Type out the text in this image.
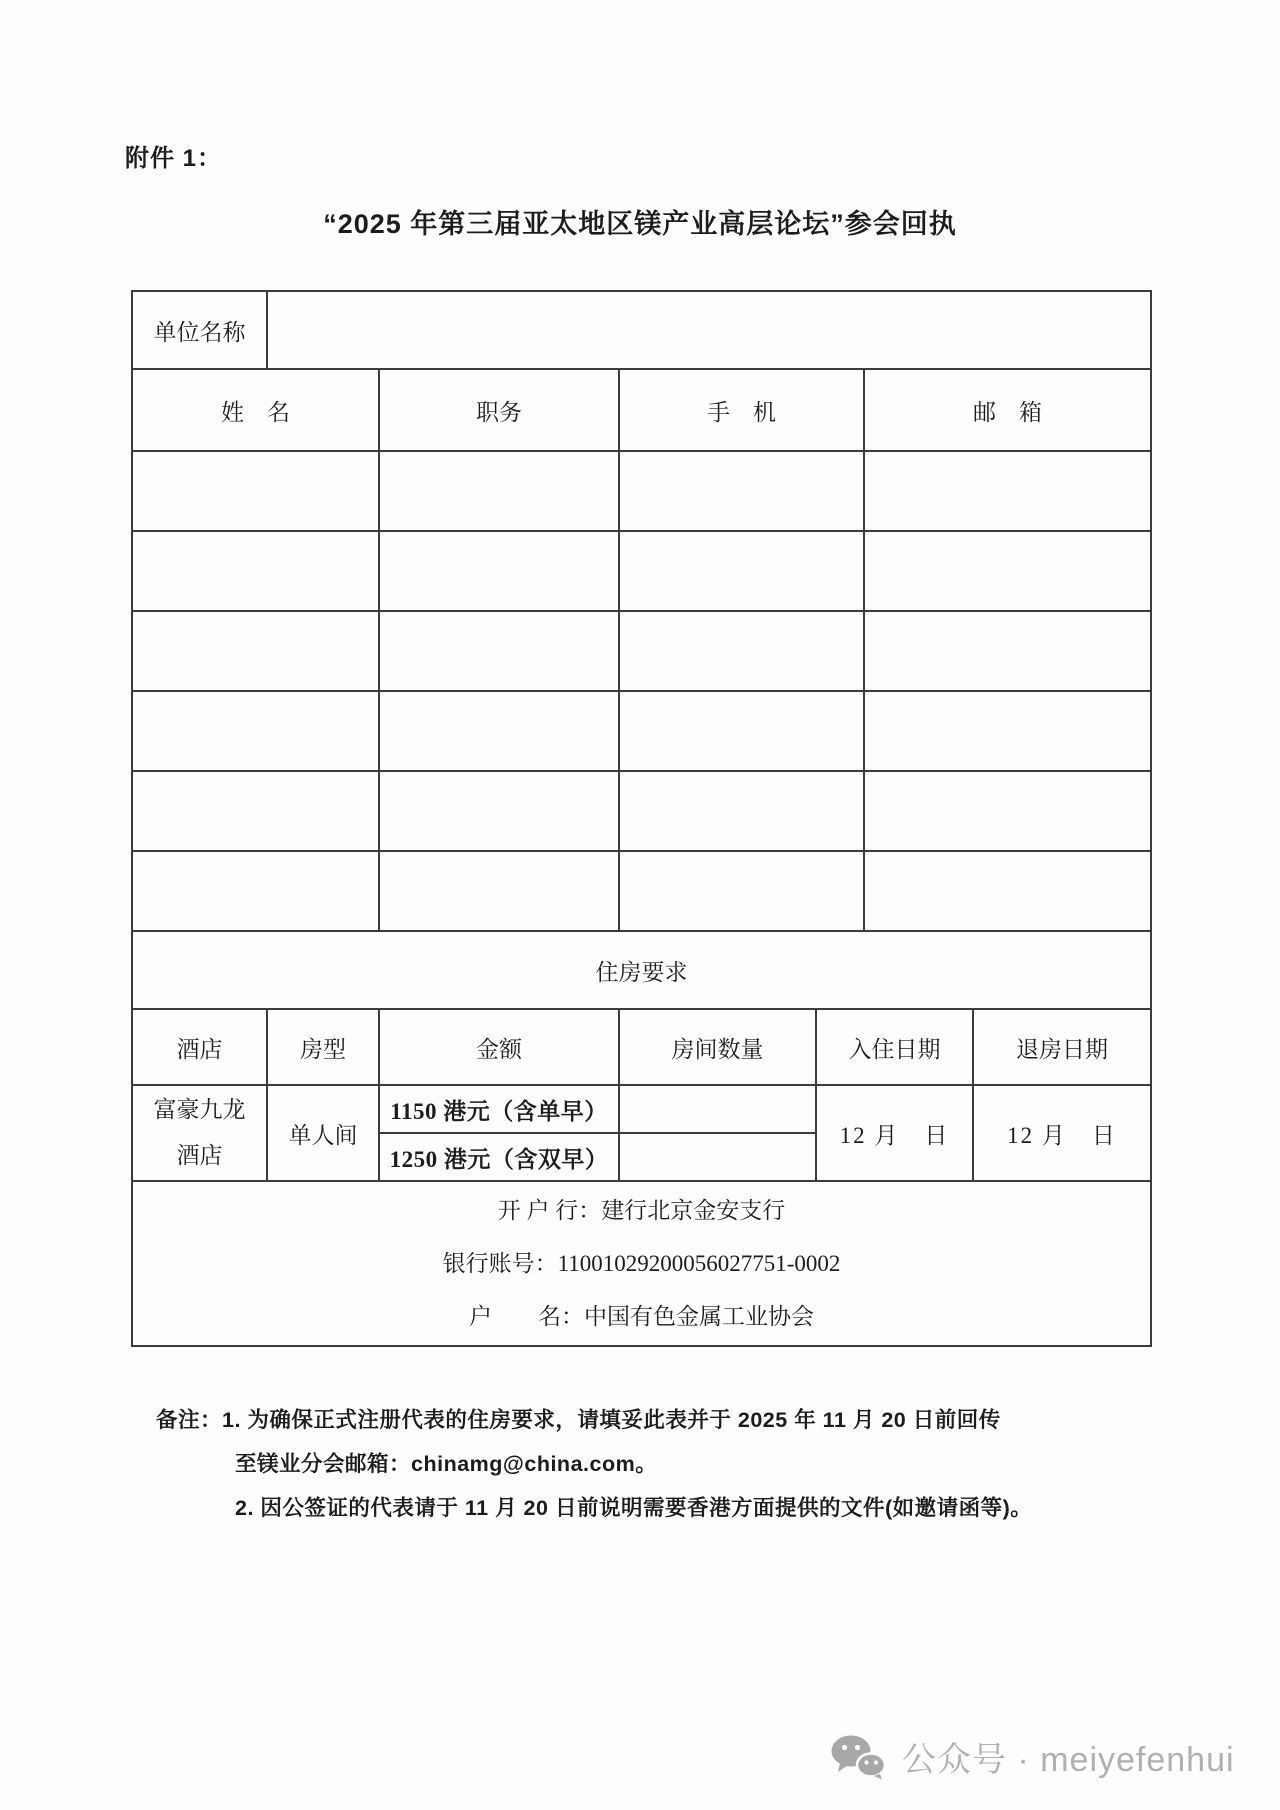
附件 1：
“2025 年第三届亚太地区镁产业高层论坛”参会回执
单位名称						
姓　名		职务	手　机		邮　箱	

住房要求						
酒店	房型	金额	房间数量	入住日期		退房日期

富豪九龙
酒店	单人间	1150 港元（含单早）		12 月　日		12 月　日
		1250 港元（含双早）				

开 户 行：建行北京金安支行
银行账号：11001029200056027751-0002
户　　名：中国有色金属工业协会						
备注：1. 为确保正式注册代表的住房要求，请填妥此表并于 2025 年 11 月 20 日前回传
至镁业分会邮箱：chinamg@china.com。
2. 因公签证的代表请于 11 月 20 日前说明需要香港方面提供的文件(如邀请函等)。
公众号 · meiyefenhui
